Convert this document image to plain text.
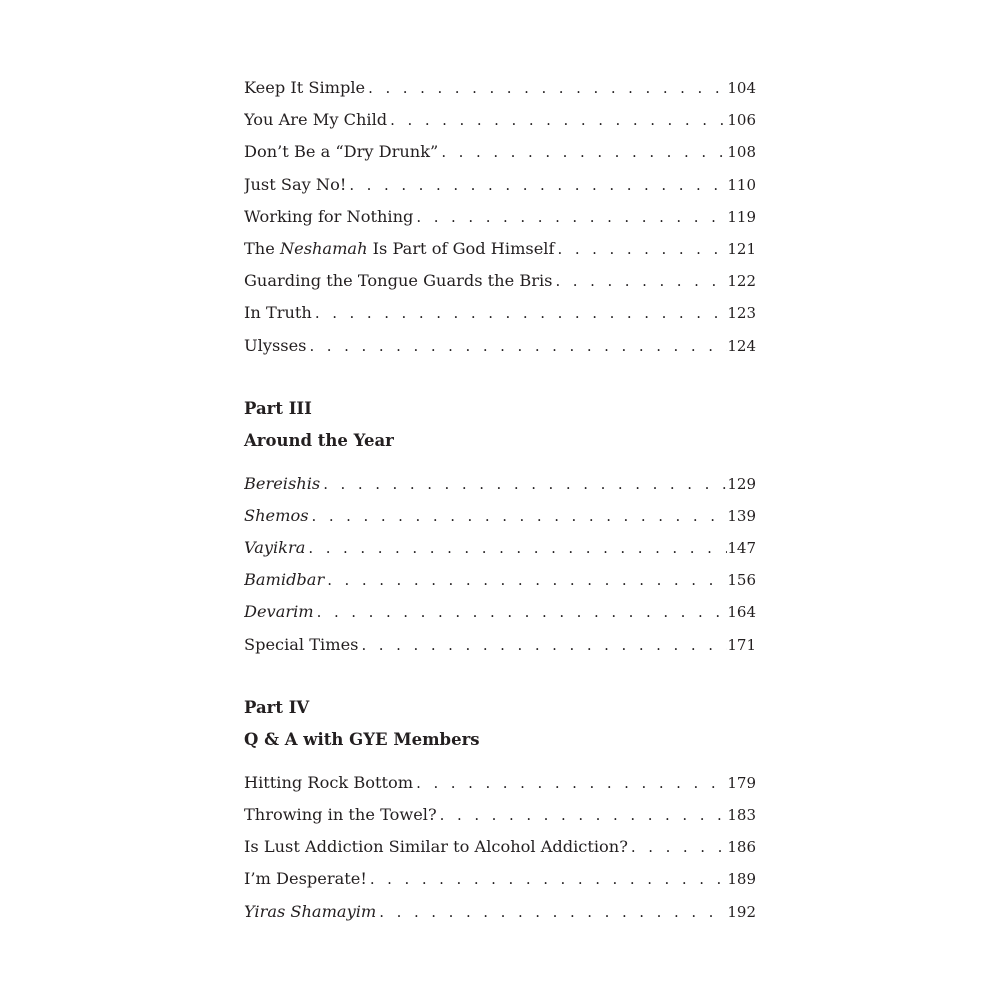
Keep It Simple . . .	104
You Are My Child . . .	106
Don’t Be a “Dry Drunk” . . .	108
Just Say No! . . .	110
Working for Nothing . . .	119
The Neshamah Is Part of God Himself . . .	121
Guarding the Tongue Guards the Bris . . .	122
In Truth . . .	123
Ulysses . . .	124
Part III
Around the Year
Bereishis . . .	129
Shemos . . .	139
Vayikra . . .	147
Bamidbar . . .	156
Devarim . . .	164
Special Times . . .	171
Part IV
Q & A with GYE Members
Hitting Rock Bottom . . .	179
Throwing in the Towel? . . .	183
Is Lust Addiction Similar to Alcohol Addiction? . . .	186
I’m Desperate! . . .	189
Yiras Shamayim . . .	192
